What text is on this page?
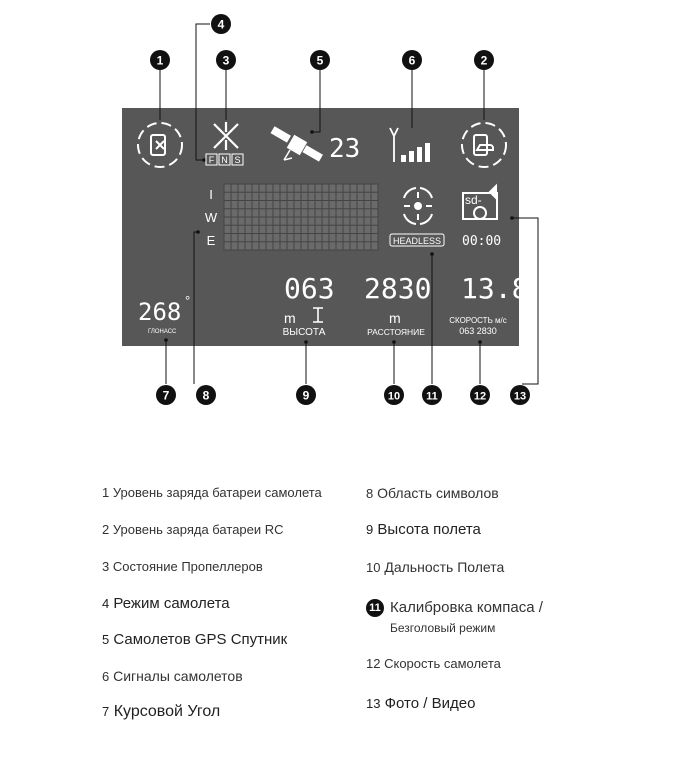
1	2
3
4
5	6
7	8	9	10 11	12	13
F N S	23
I
W
E	HEADLESS
sd-
00:00
268 °
ГЛОНАСС
063
m
ВЫСОТА
2830
m
РАССТОЯНИЕ
13.8
СКОРОСТЬ м/с
063 2830
1 Уровень заряда батареи самолета
2 Уровень заряда батареи RC
3 Состояние Пропеллеров
4 Режим самолета
5 Самолетов GPS Спутник
6 Сигналы самолетов
7 Курсовой Угол
8 Область символов
9 Высота полета
10 Дальность Полета
11 Калибровка компаса /
Безголовый режим
12 Скорость самолета
13 Фото / Видео
